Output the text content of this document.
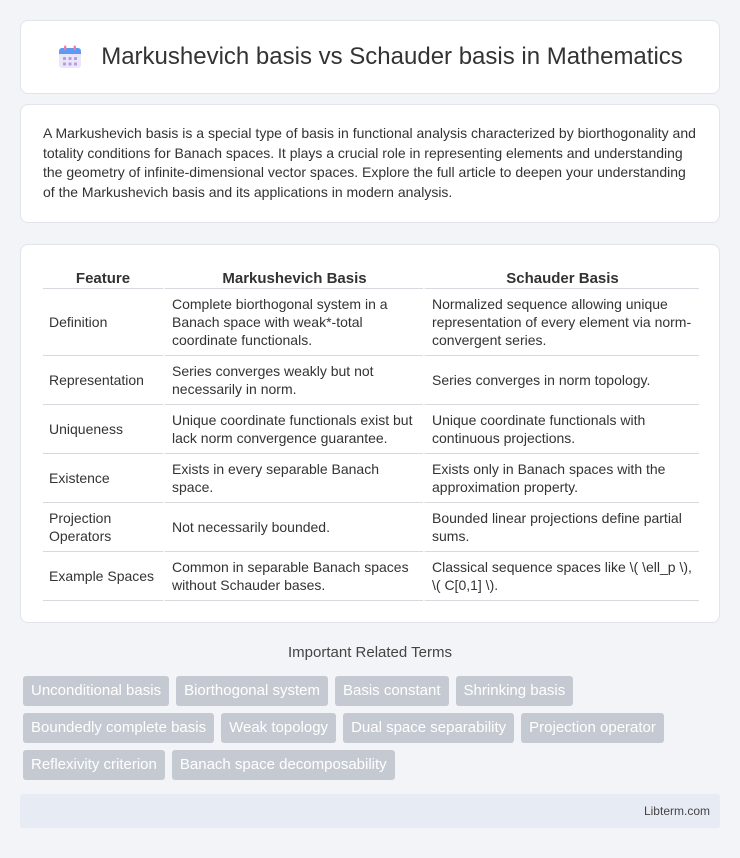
Markushevich basis vs Schauder basis in Mathematics

A Markushevich basis is a special type of basis in functional analysis characterized by biorthogonality and totality conditions for Banach spaces. It plays a crucial role in representing elements and understanding the geometry of infinite-dimensional vector spaces. Explore the full article to deepen your understanding of the Markushevich basis and its applications in modern analysis.

Feature	Markushevich Basis	Schauder Basis
Definition	Complete biorthogonal system in a Banach space with weak*-total coordinate functionals.	Normalized sequence allowing unique representation of every element via norm-convergent series.
Representation	Series converges weakly but not necessarily in norm.	Series converges in norm topology.
Uniqueness	Unique coordinate functionals exist but lack norm convergence guarantee.	Unique coordinate functionals with continuous projections.
Existence	Exists in every separable Banach space.	Exists only in Banach spaces with the approximation property.
Projection Operators	Not necessarily bounded.	Bounded linear projections define partial sums.
Example Spaces	Common in separable Banach spaces without Schauder bases.	Classical sequence spaces like \( \ell_p \), \( C[0,1] \).
Important Related Terms
Unconditional basis	Biorthogonal system	Basis constant	Shrinking basis
Boundedly complete basis	Weak topology	Dual space separability	Projection operator
Reflexivity criterion	Banach space decomposability
Libterm.com
